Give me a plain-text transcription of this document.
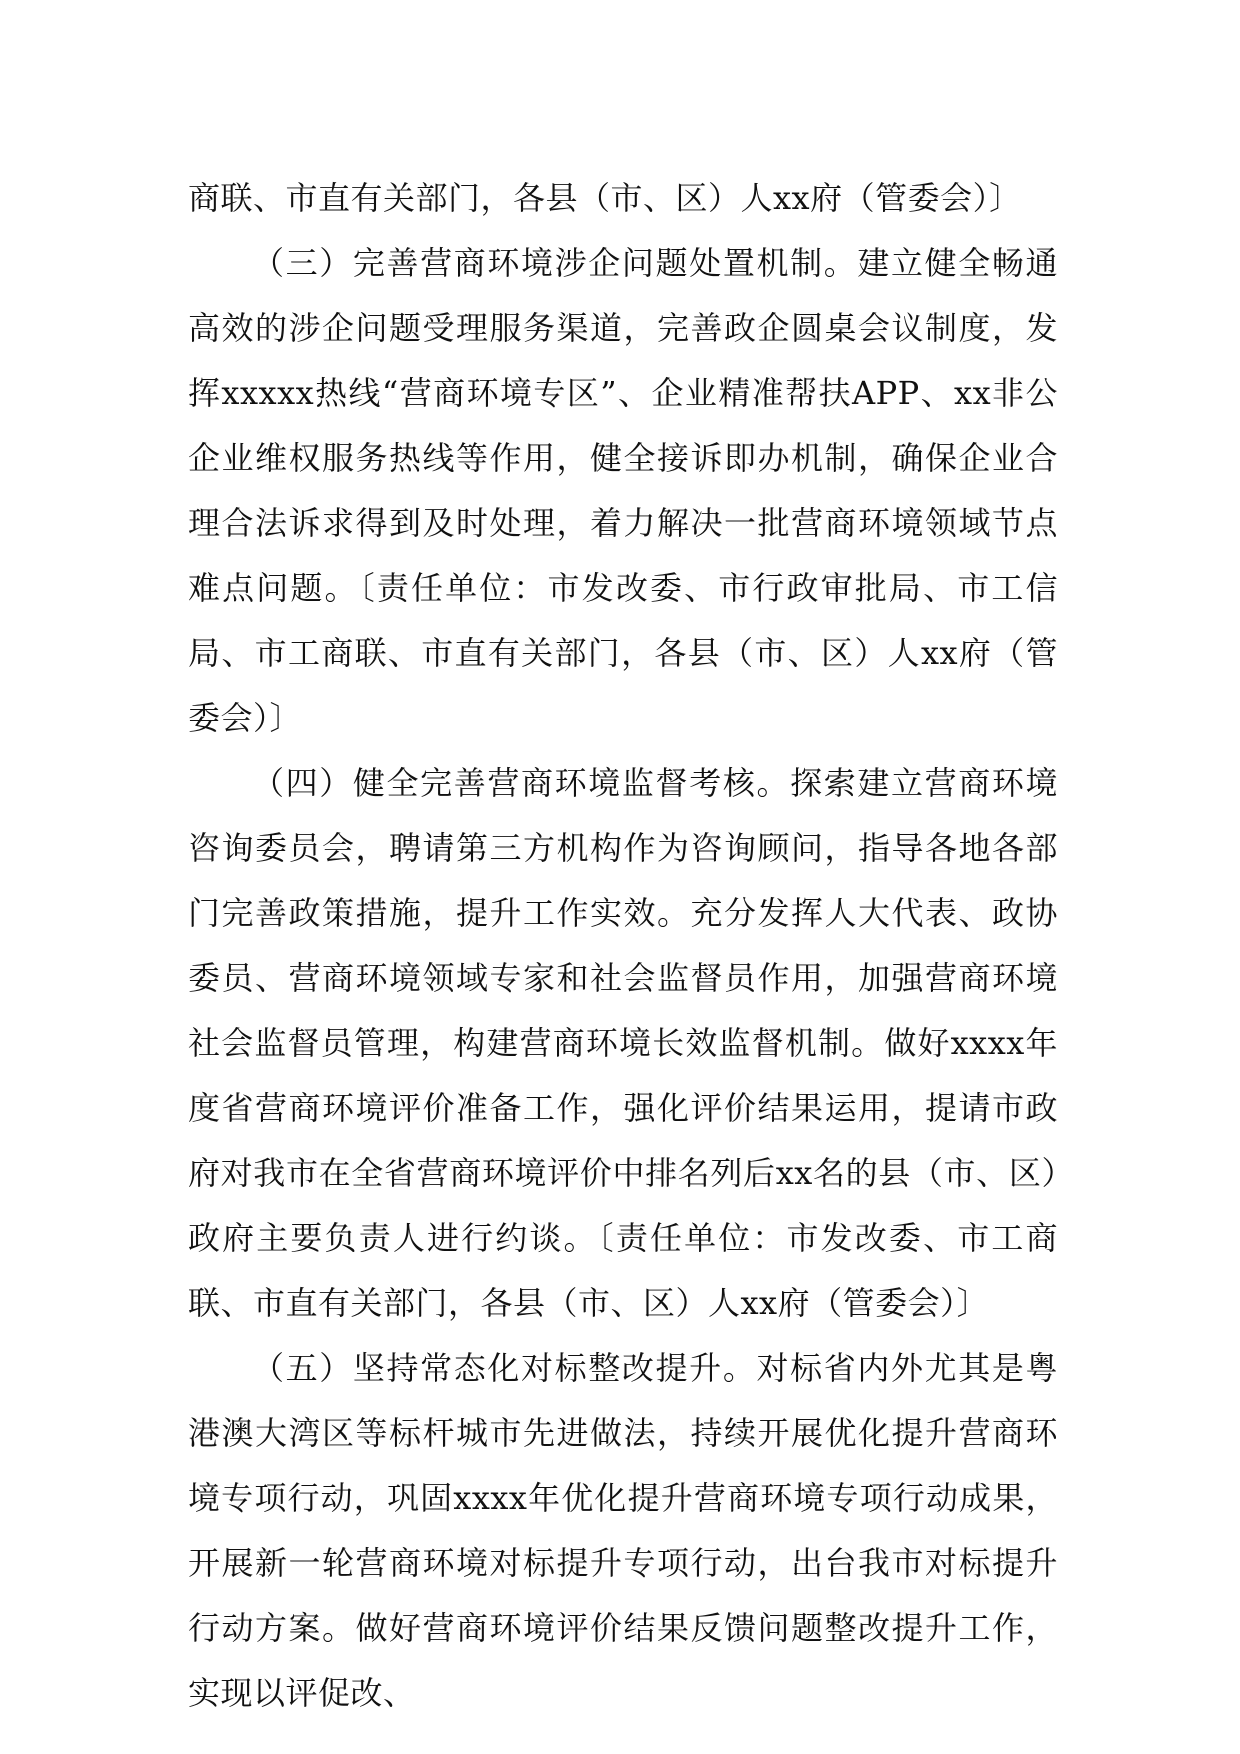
商联、市直有关部门，各县（市、区）人xx府（管委会）〕

（三）完善营商环境涉企问题处置机制。建立健全畅通高效的涉企问题受理服务渠道，完善政企圆桌会议制度，发挥xxxxx热线“营商环境专区”、企业精准帮扶APP、xx非公企业维权服务热线等作用，健全接诉即办机制，确保企业合理合法诉求得到及时处理，着力解决一批营商环境领域节点难点问题。〔责任单位：市发改委、市行政审批局、市工信局、市工商联、市直有关部门，各县（市、区）人xx府（管委会）〕

（四）健全完善营商环境监督考核。探索建立营商环境咨询委员会，聘请第三方机构作为咨询顾问，指导各地各部门完善政策措施，提升工作实效。充分发挥人大代表、政协委员、营商环境领域专家和社会监督员作用，加强营商环境社会监督员管理，构建营商环境长效监督机制。做好xxxx年度省营商环境评价准备工作，强化评价结果运用，提请市政府对我市在全省营商环境评价中排名列后xx名的县（市、区）政府主要负责人进行约谈。〔责任单位：市发改委、市工商联、市直有关部门，各县（市、区）人xx府（管委会）〕

（五）坚持常态化对标整改提升。对标省内外尤其是粤港澳大湾区等标杆城市先进做法，持续开展优化提升营商环境专项行动，巩固xxxx年优化提升营商环境专项行动成果，开展新一轮营商环境对标提升专项行动，出台我市对标提升行动方案。做好营商环境评价结果反馈问题整改提升工作，实现以评促改、
